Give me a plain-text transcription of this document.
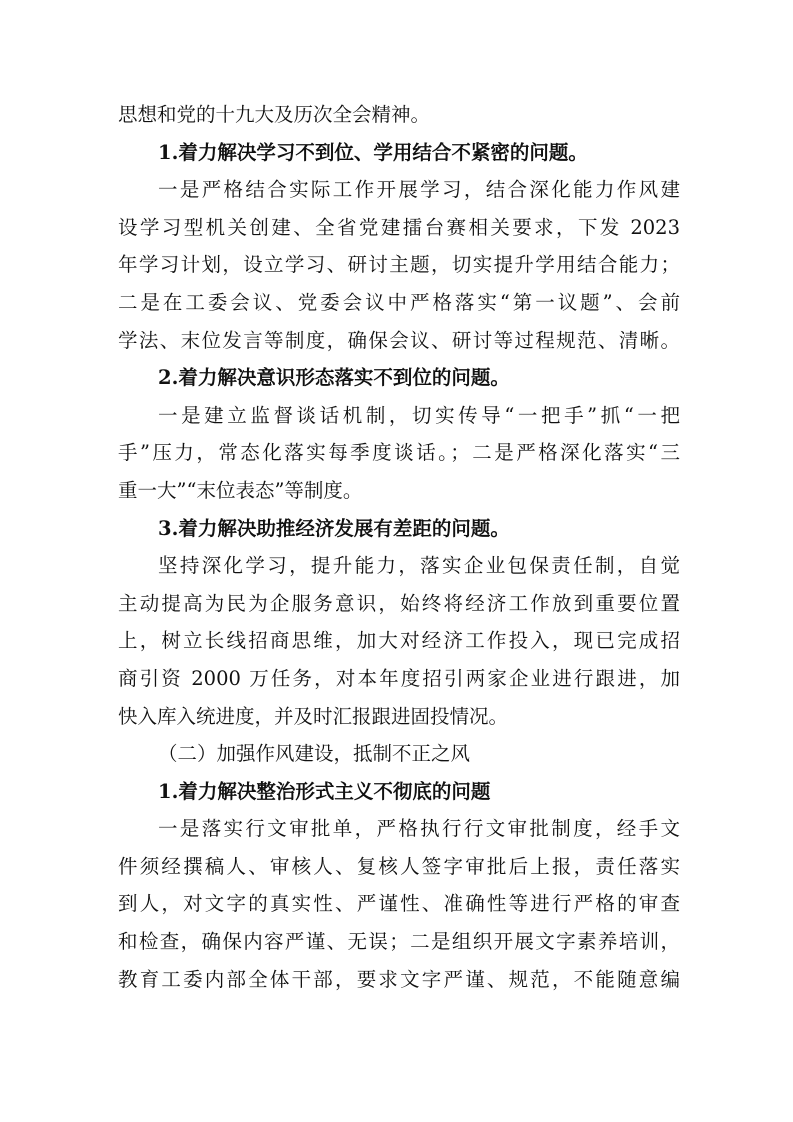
思想和党的十九大及历次全会精神。
1.着力解决学习不到位、学用结合不紧密的问题。
一是严格结合实际工作开展学习，结合深化能力作风建
设学习型机关创建、全省党建擂台赛相关要求，下发 2023
年学习计划，设立学习、研讨主题，切实提升学用结合能力；
二是在工委会议、党委会议中严格落实“第一议题”、会前
学法、末位发言等制度，确保会议、研讨等过程规范、清晰。
2.着力解决意识形态落实不到位的问题。
一是建立监督谈话机制，切实传导“一把手”抓“一把
手”压力，常态化落实每季度谈话。；二是严格深化落实“三
重一大”“末位表态”等制度。
3.着力解决助推经济发展有差距的问题。
坚持深化学习，提升能力，落实企业包保责任制，自觉
主动提高为民为企服务意识，始终将经济工作放到重要位置
上，树立长线招商思维，加大对经济工作投入，现已完成招
商引资 2000 万任务，对本年度招引两家企业进行跟进，加
快入库入统进度，并及时汇报跟进固投情况。
（二）加强作风建设，抵制不正之风
1.着力解决整治形式主义不彻底的问题
一是落实行文审批单，严格执行行文审批制度，经手文
件须经撰稿人、审核人、复核人签字审批后上报，责任落实
到人，对文字的真实性、严谨性、准确性等进行严格的审查
和检查，确保内容严谨、无误；二是组织开展文字素养培训，
教育工委内部全体干部，要求文字严谨、规范，不能随意编
